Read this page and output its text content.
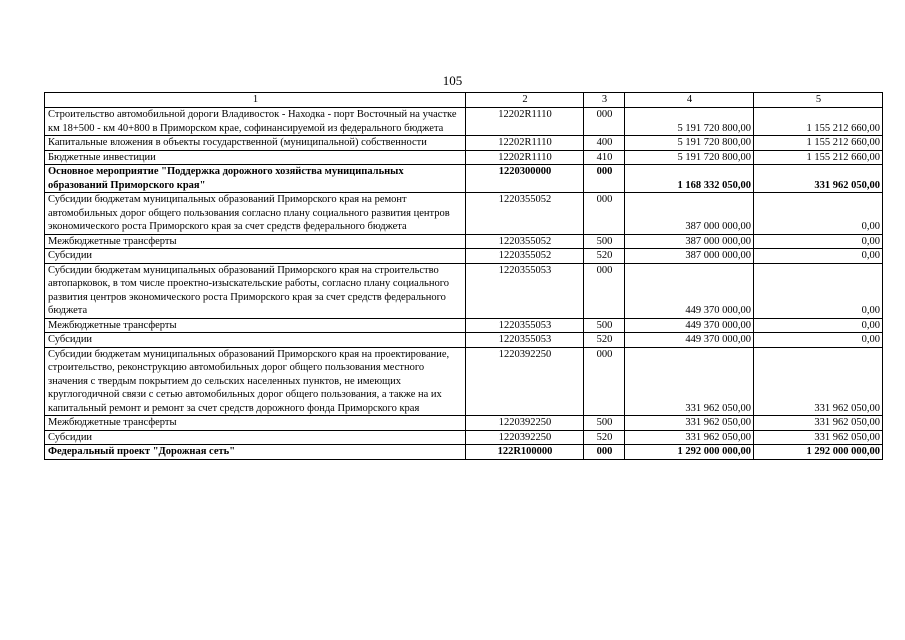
105
1	2	3	4	5
Строительство автомобильной дороги Владивосток - Находка - порт Восточный на участке км 18+500 - км 40+800 в Приморском крае, софинансируемой из федерального бюджета	12202R1110	000	5 191 720 800,00	1 155 212 660,00
Капитальные вложения в объекты государственной (муниципальной) собственности	12202R1110	400	5 191 720 800,00	1 155 212 660,00
Бюджетные инвестиции	12202R1110	410	5 191 720 800,00	1 155 212 660,00
Основное мероприятие "Поддержка дорожного хозяйства муниципальных образований Приморского края"	1220300000	000	1 168 332 050,00	331 962 050,00
Субсидии бюджетам муниципальных образований Приморского края на ремонт автомобильных дорог общего пользования согласно плану социального развития центров экономического роста Приморского края за счет средств федерального бюджета	1220355052	000	387 000 000,00	0,00
Межбюджетные трансферты	1220355052	500	387 000 000,00	0,00
Субсидии	1220355052	520	387 000 000,00	0,00
Субсидии бюджетам муниципальных образований Приморского края на строительство автопарковок, в том числе проектно-изыскательские работы, согласно плану социального развития центров экономического роста Приморского края за счет средств федерального бюджета	1220355053	000	449 370 000,00	0,00
Межбюджетные трансферты	1220355053	500	449 370 000,00	0,00
Субсидии	1220355053	520	449 370 000,00	0,00
Субсидии бюджетам муниципальных образований Приморского края на проектирование, строительство, реконструкцию автомобильных дорог общего пользования местного значения с твердым покрытием до сельских населенных пунктов, не имеющих круглогодичной связи с сетью автомобильных дорог общего пользования, а также на их капитальный ремонт и ремонт за счет средств дорожного фонда Приморского края	1220392250	000	331 962 050,00	331 962 050,00
Межбюджетные трансферты	1220392250	500	331 962 050,00	331 962 050,00
Субсидии	1220392250	520	331 962 050,00	331 962 050,00
Федеральный проект "Дорожная сеть"	122R100000	000	1 292 000 000,00	1 292 000 000,00
